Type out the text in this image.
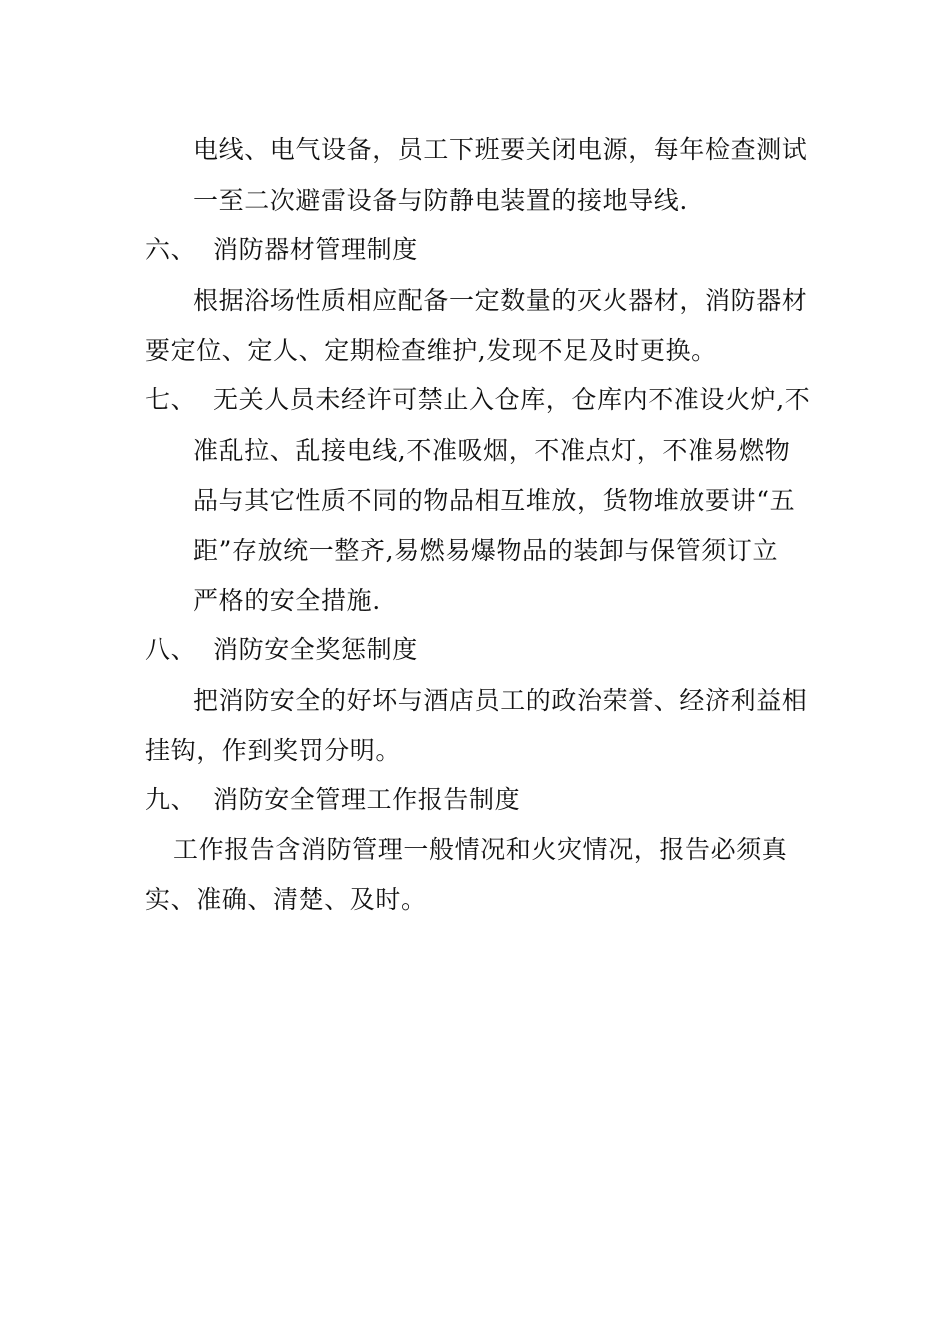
电线、电气设备，员工下班要关闭电源，每年检查测试
一至二次避雷设备与防静电装置的接地导线.
六、 消防器材管理制度
根据浴场性质相应配备一定数量的灭火器材，消防器材
要定位、定人、定期检查维护,发现不足及时更换。
七、 无关人员未经许可禁止入仓库，仓库内不准设火炉,不
准乱拉、乱接电线,不准吸烟，不准点灯，不准易燃物
品与其它性质不同的物品相互堆放，货物堆放要讲“五
距”存放统一整齐,易燃易爆物品的装卸与保管须订立
严格的安全措施.
八、 消防安全奖惩制度
把消防安全的好坏与酒店员工的政治荣誉、经济利益相
挂钩，作到奖罚分明。
九、 消防安全管理工作报告制度
工作报告含消防管理一般情况和火灾情况，报告必须真
实、准确、清楚、及时。
